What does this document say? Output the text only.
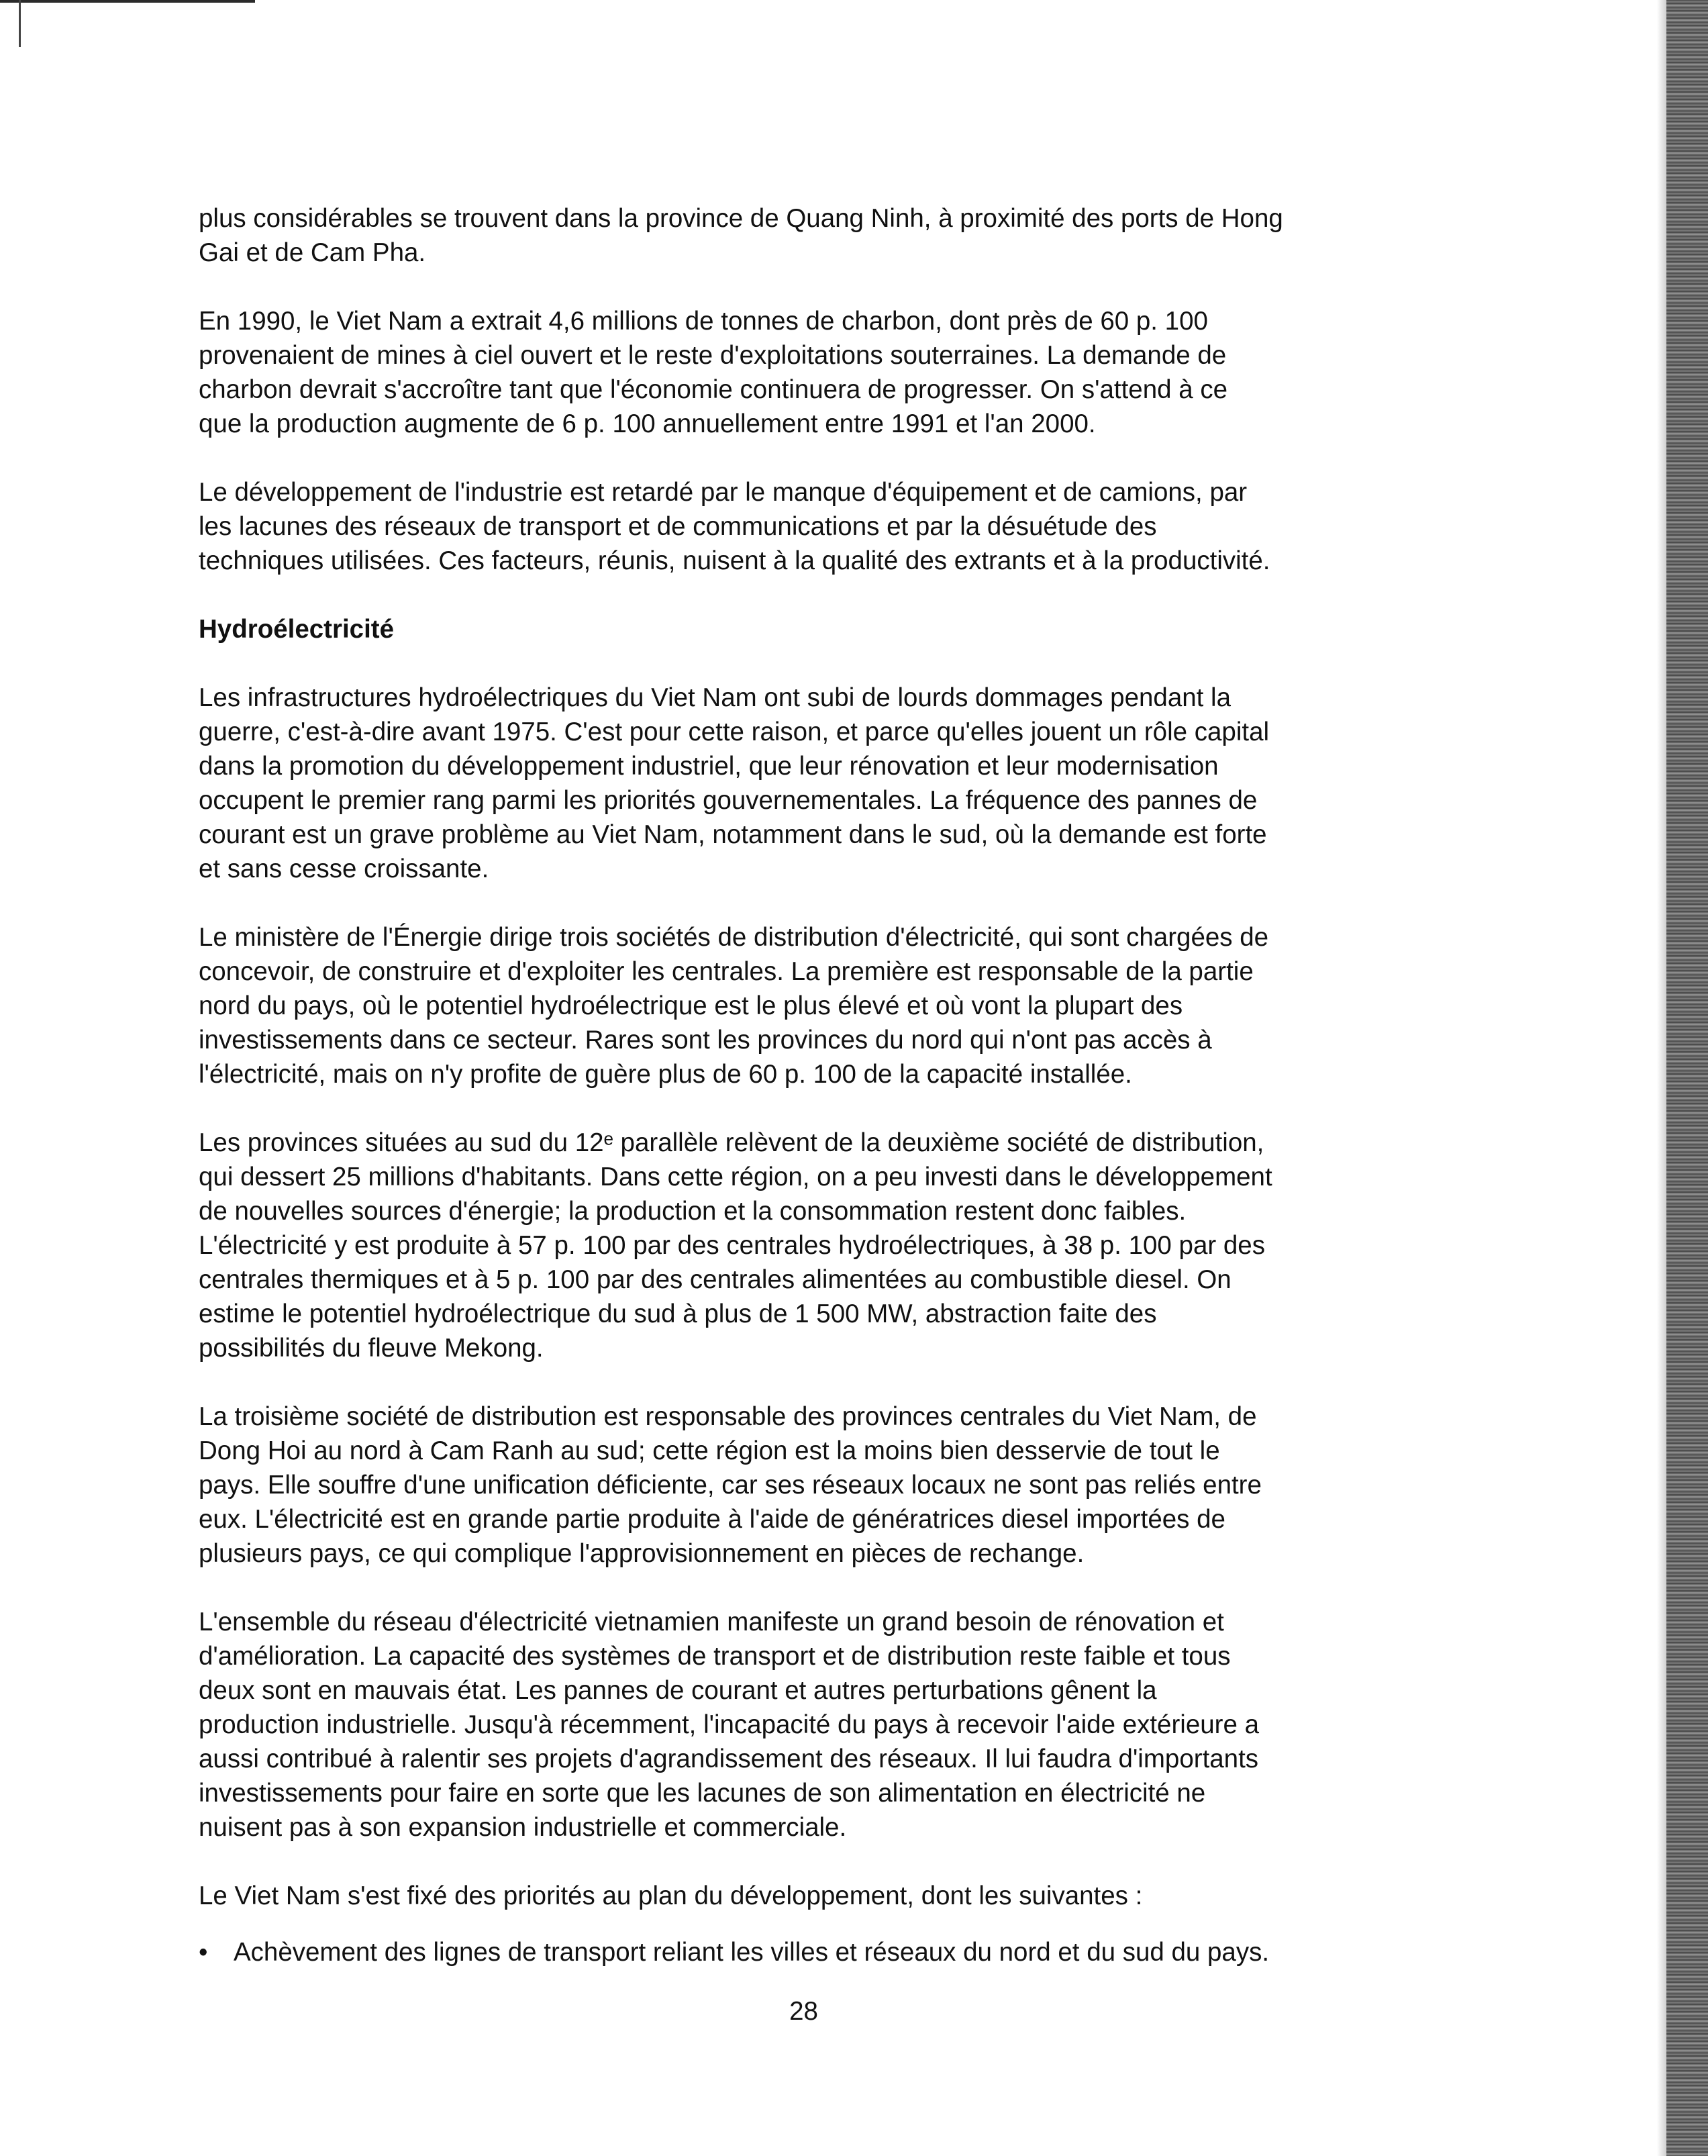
plus considérables se trouvent dans la province de Quang Ninh, à proximité des ports de Hong
Gai et de Cam Pha.
En 1990, le Viet Nam a extrait 4,6 millions de tonnes de charbon, dont près de 60 p. 100
provenaient de mines à ciel ouvert et le reste d'exploitations souterraines. La demande de
charbon devrait s'accroître tant que l'économie continuera de progresser. On s'attend à ce
que la production augmente de 6 p. 100 annuellement entre 1991 et l'an 2000.
Le développement de l'industrie est retardé par le manque d'équipement et de camions, par
les lacunes des réseaux de transport et de communications et par la désuétude des
techniques utilisées. Ces facteurs, réunis, nuisent à la qualité des extrants et à la productivité.
Hydroélectricité
Les infrastructures hydroélectriques du Viet Nam ont subi de lourds dommages pendant la
guerre, c'est-à-dire avant 1975. C'est pour cette raison, et parce qu'elles jouent un rôle capital
dans la promotion du développement industriel, que leur rénovation et leur modernisation
occupent le premier rang parmi les priorités gouvernementales. La fréquence des pannes de
courant est un grave problème au Viet Nam, notamment dans le sud, où la demande est forte
et sans cesse croissante.
Le ministère de l'Énergie dirige trois sociétés de distribution d'électricité, qui sont chargées de
concevoir, de construire et d'exploiter les centrales. La première est responsable de la partie
nord du pays, où le potentiel hydroélectrique est le plus élevé et où vont la plupart des
investissements dans ce secteur. Rares sont les provinces du nord qui n'ont pas accès à
l'électricité, mais on n'y profite de guère plus de 60 p. 100 de la capacité installée.
Les provinces situées au sud du 12ᵉ parallèle relèvent de la deuxième société de distribution,
qui dessert 25 millions d'habitants. Dans cette région, on a peu investi dans le développement
de nouvelles sources d'énergie; la production et la consommation restent donc faibles.
L'électricité y est produite à 57 p. 100 par des centrales hydroélectriques, à 38 p. 100 par des
centrales thermiques et à 5 p. 100 par des centrales alimentées au combustible diesel. On
estime le potentiel hydroélectrique du sud à plus de 1 500 MW, abstraction faite des
possibilités du fleuve Mekong.
La troisième société de distribution est responsable des provinces centrales du Viet Nam, de
Dong Hoi au nord à Cam Ranh au sud; cette région est la moins bien desservie de tout le
pays. Elle souffre d'une unification déficiente, car ses réseaux locaux ne sont pas reliés entre
eux. L'électricité est en grande partie produite à l'aide de génératrices diesel importées de
plusieurs pays, ce qui complique l'approvisionnement en pièces de rechange.
L'ensemble du réseau d'électricité vietnamien manifeste un grand besoin de rénovation et
d'amélioration. La capacité des systèmes de transport et de distribution reste faible et tous
deux sont en mauvais état. Les pannes de courant et autres perturbations gênent la
production industrielle. Jusqu'à récemment, l'incapacité du pays à recevoir l'aide extérieure a
aussi contribué à ralentir ses projets d'agrandissement des réseaux. Il lui faudra d'importants
investissements pour faire en sorte que les lacunes de son alimentation en électricité ne
nuisent pas à son expansion industrielle et commerciale.
Le Viet Nam s'est fixé des priorités au plan du développement, dont les suivantes :
• Achèvement des lignes de transport reliant les villes et réseaux du nord et du sud du pays.
28
